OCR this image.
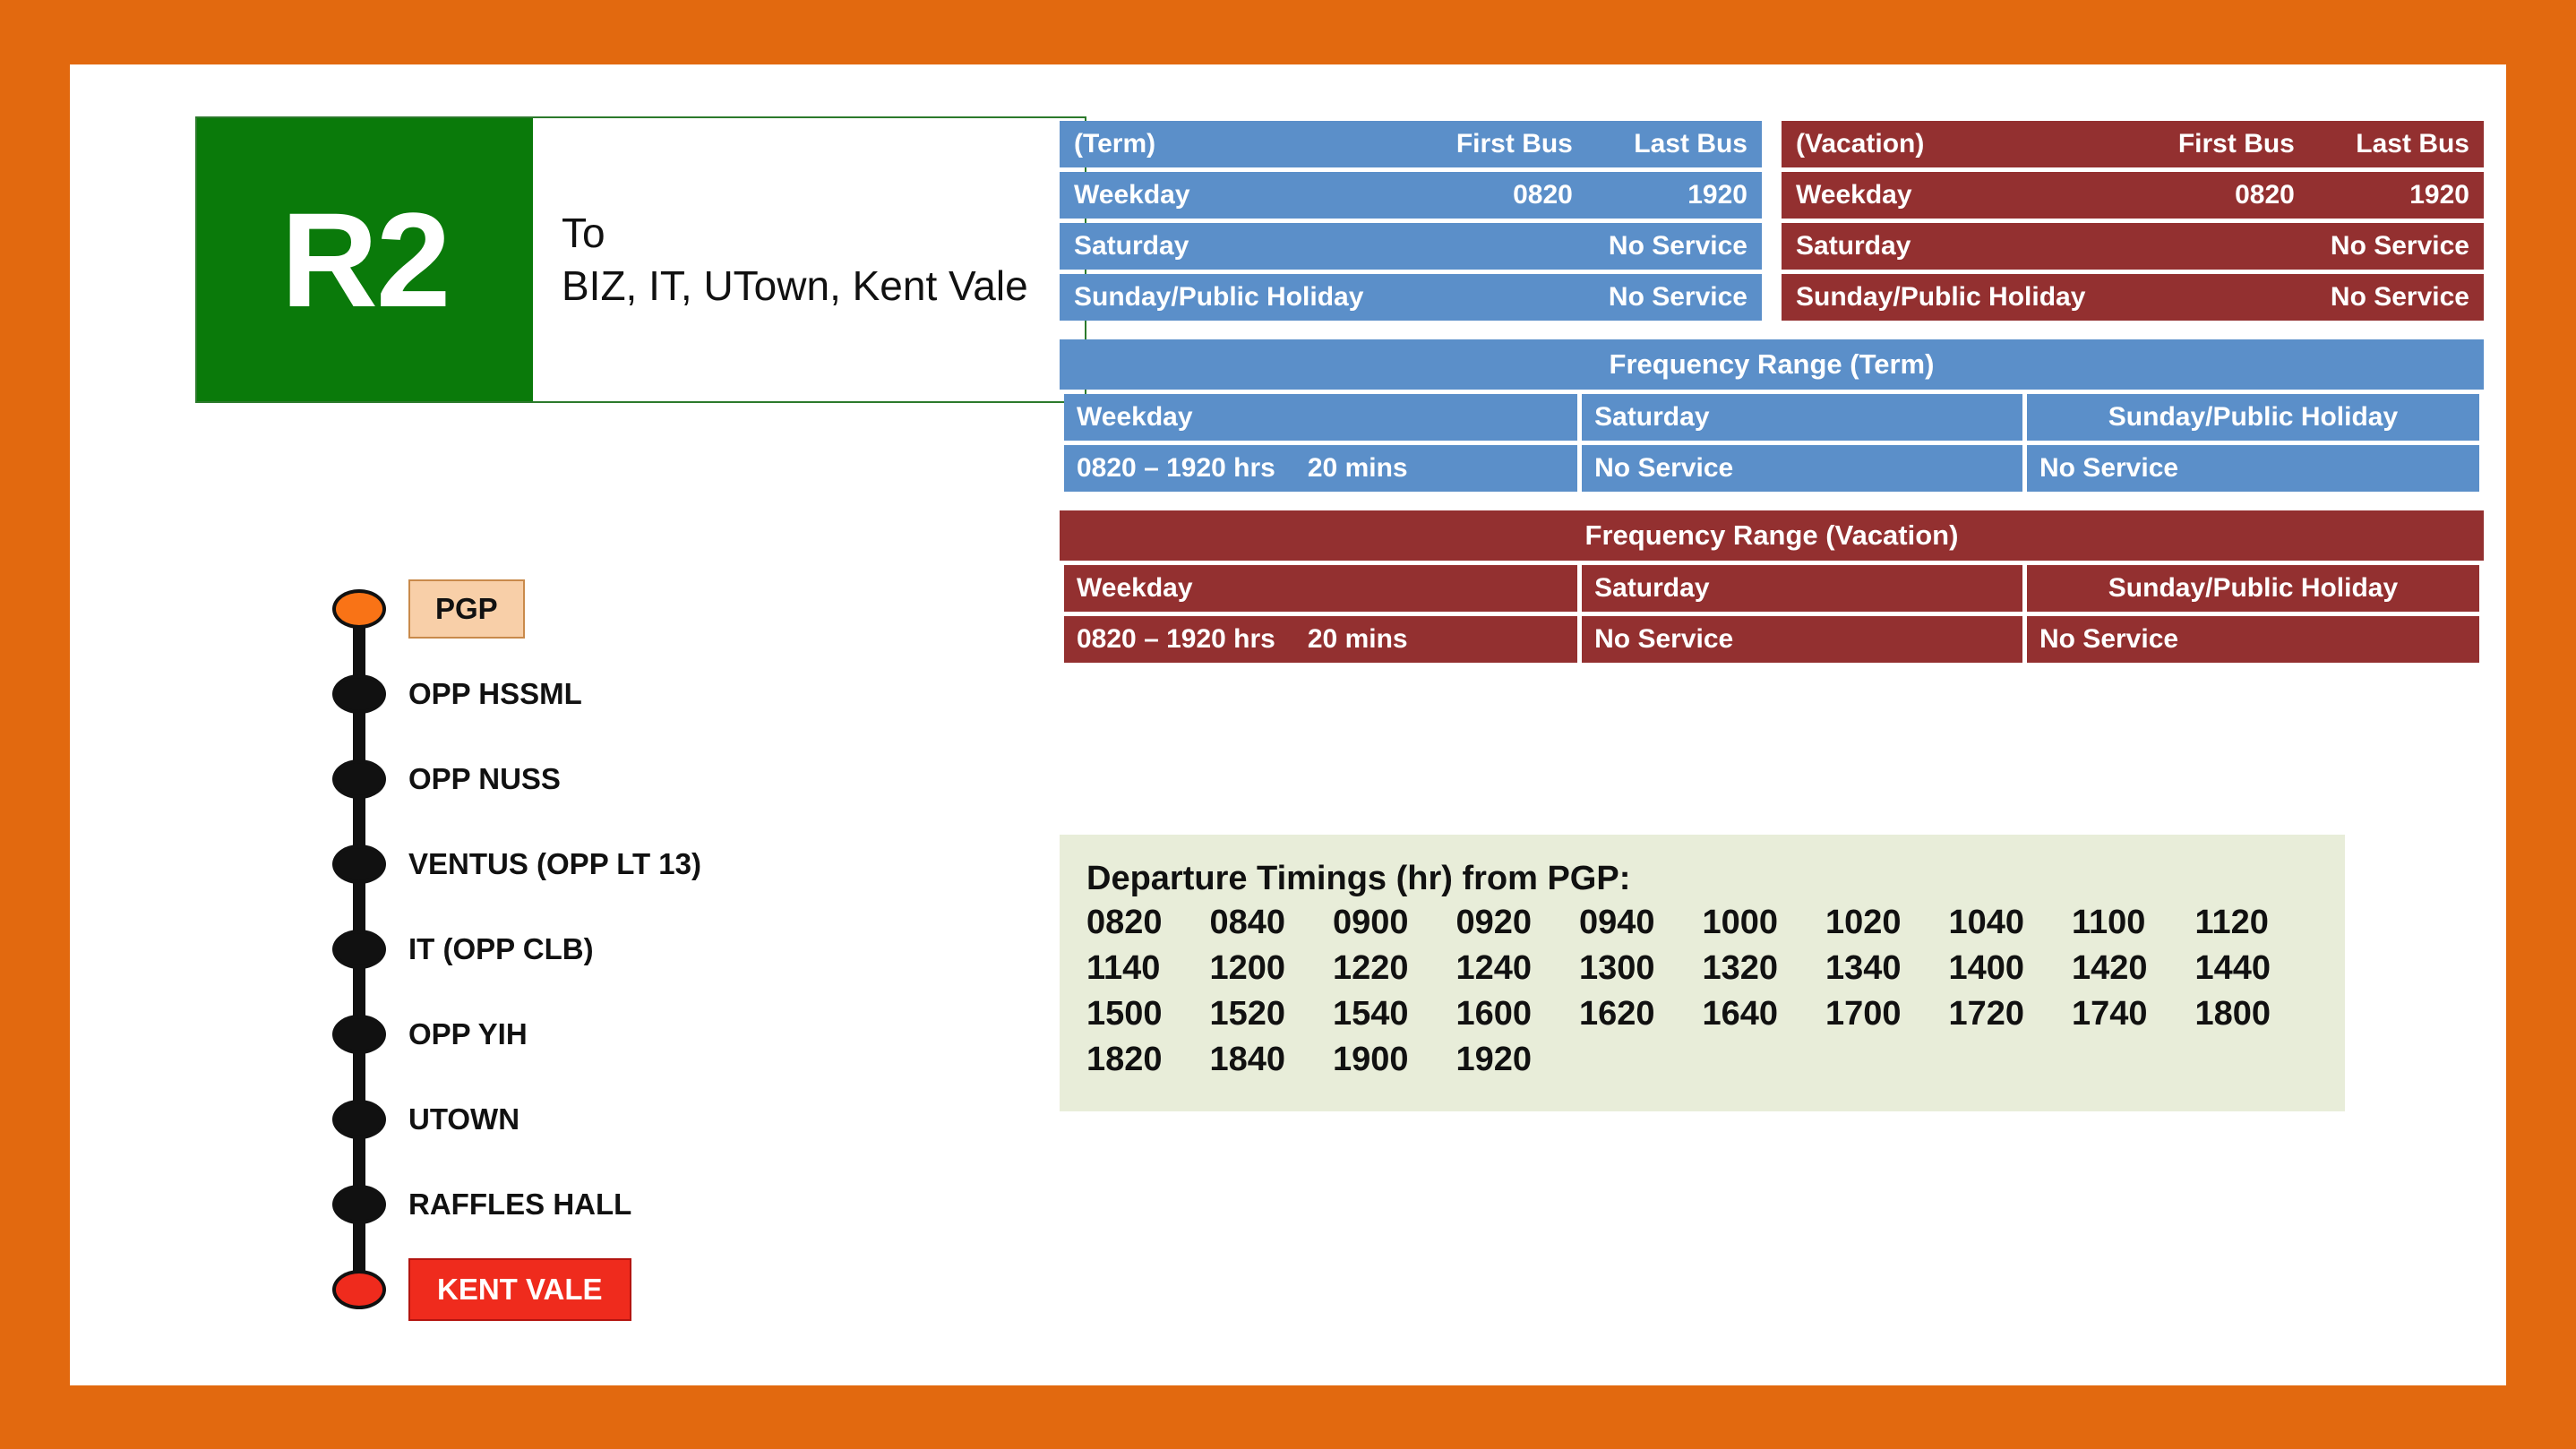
R2	To
BIZ, IT, UTown, Kent Vale
PGP
OPP HSSML
OPP NUSS
VENTUS (OPP LT 13)
IT (OPP CLB)
OPP YIH
UTOWN
RAFFLES HALL
KENT VALE
(Term)	First Bus	Last Bus
Weekday	0820	1920
Saturday	No Service	
Sunday/Public Holiday	No Service	
(Vacation)	First Bus	Last Bus
Weekday	0820	1920
Saturday	No Service	
Sunday/Public Holiday	No Service	
Frequency Range (Term)
Weekday	Saturday	Sunday/Public Holiday
0820 – 1920 hrs 20 mins	No Service	No Service
Frequency Range (Vacation)
Weekday	Saturday	Sunday/Public Holiday
0820 – 1920 hrs 20 mins	No Service	No Service
Departure Timings (hr) from PGP:
0820	0840	0900	0920	0940	1000	1020	1040	1100	1120
1140	1200	1220	1240	1300	1320	1340	1400	1420	1440
1500	1520	1540	1600	1620	1640	1700	1720	1740	1800
1820	1840	1900	1920
